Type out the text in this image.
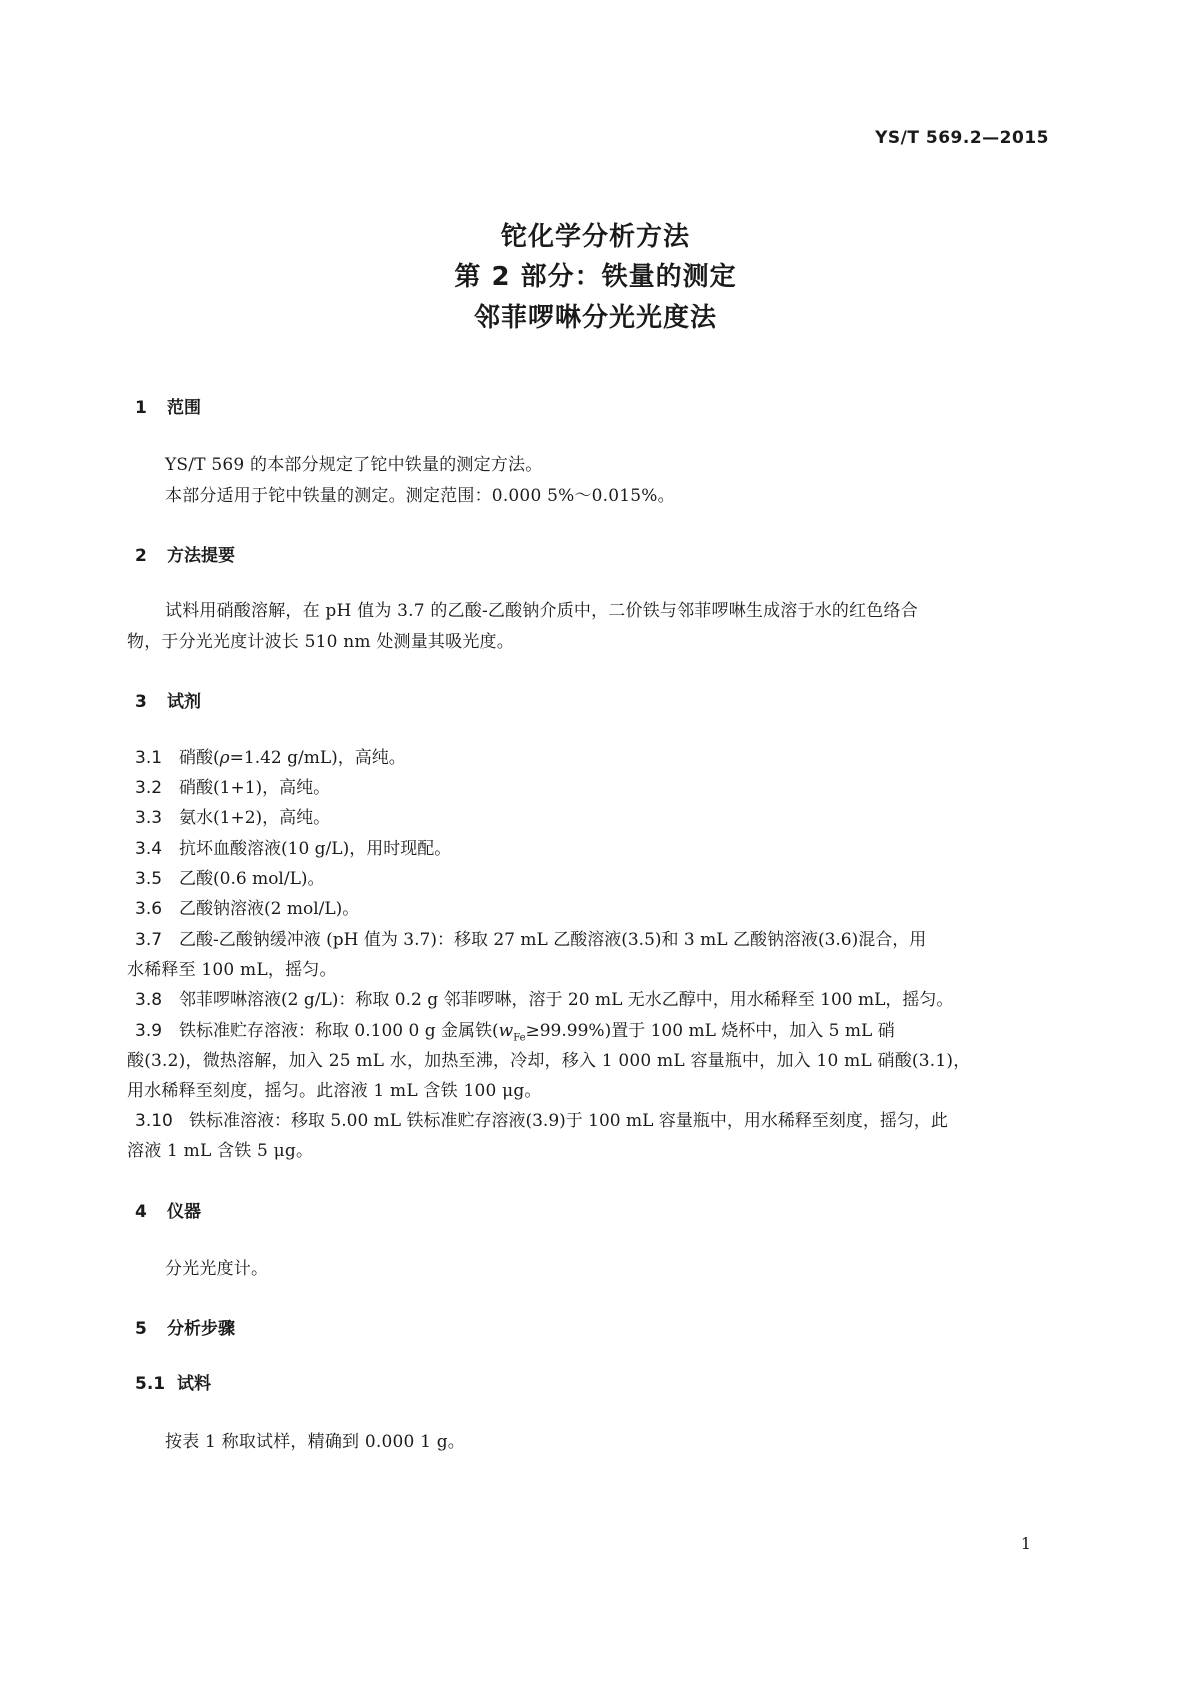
YS/T 569.2—2015
铊化学分析方法
第 2 部分：铁量的测定
邻菲啰啉分光光度法
1 范围
YS/T 569 的本部分规定了铊中铁量的测定方法。
本部分适用于铊中铁量的测定。测定范围：0.000 5%～0.015%。
2 方法提要
试料用硝酸溶解，在 pH 值为 3.7 的乙酸-乙酸钠介质中，二价铁与邻菲啰啉生成溶于水的红色络合
物，于分光光度计波长 510 nm 处测量其吸光度。
3 试剂
3.1 硝酸(ρ=1.42 g/mL)，高纯。
3.2 硝酸(1+1)，高纯。
3.3 氨水(1+2)，高纯。
3.4 抗坏血酸溶液(10 g/L)，用时现配。
3.5 乙酸(0.6 mol/L)。
3.6 乙酸钠溶液(2 mol/L)。
3.7 乙酸-乙酸钠缓冲液 (pH 值为 3.7)：移取 27 mL 乙酸溶液(3.5)和 3 mL 乙酸钠溶液(3.6)混合，用
水稀释至 100 mL，摇匀。
3.8 邻菲啰啉溶液(2 g/L)：称取 0.2 g 邻菲啰啉，溶于 20 mL 无水乙醇中，用水稀释至 100 mL，摇匀。
3.9 铁标准贮存溶液：称取 0.100 0 g 金属铁$(w_{Fe}\ge 99.99\%)$置于 100 mL 烧杯中，加入 5 mL 硝
酸(3.2)，微热溶解，加入 25 mL 水，加热至沸，冷却，移入 1 000 mL 容量瓶中，加入 10 mL 硝酸(3.1)，
用水稀释至刻度，摇匀。此溶液 1 mL 含铁 100 μg。
3.10 铁标准溶液：移取 5.00 mL 铁标准贮存溶液(3.9)于 100 mL 容量瓶中，用水稀释至刻度，摇匀，此
溶液 1 mL 含铁 5 μg。
4 仪器
分光光度计。
5 分析步骤
5.1 试料
按表 1 称取试样，精确到 0.000 1 g。
1
